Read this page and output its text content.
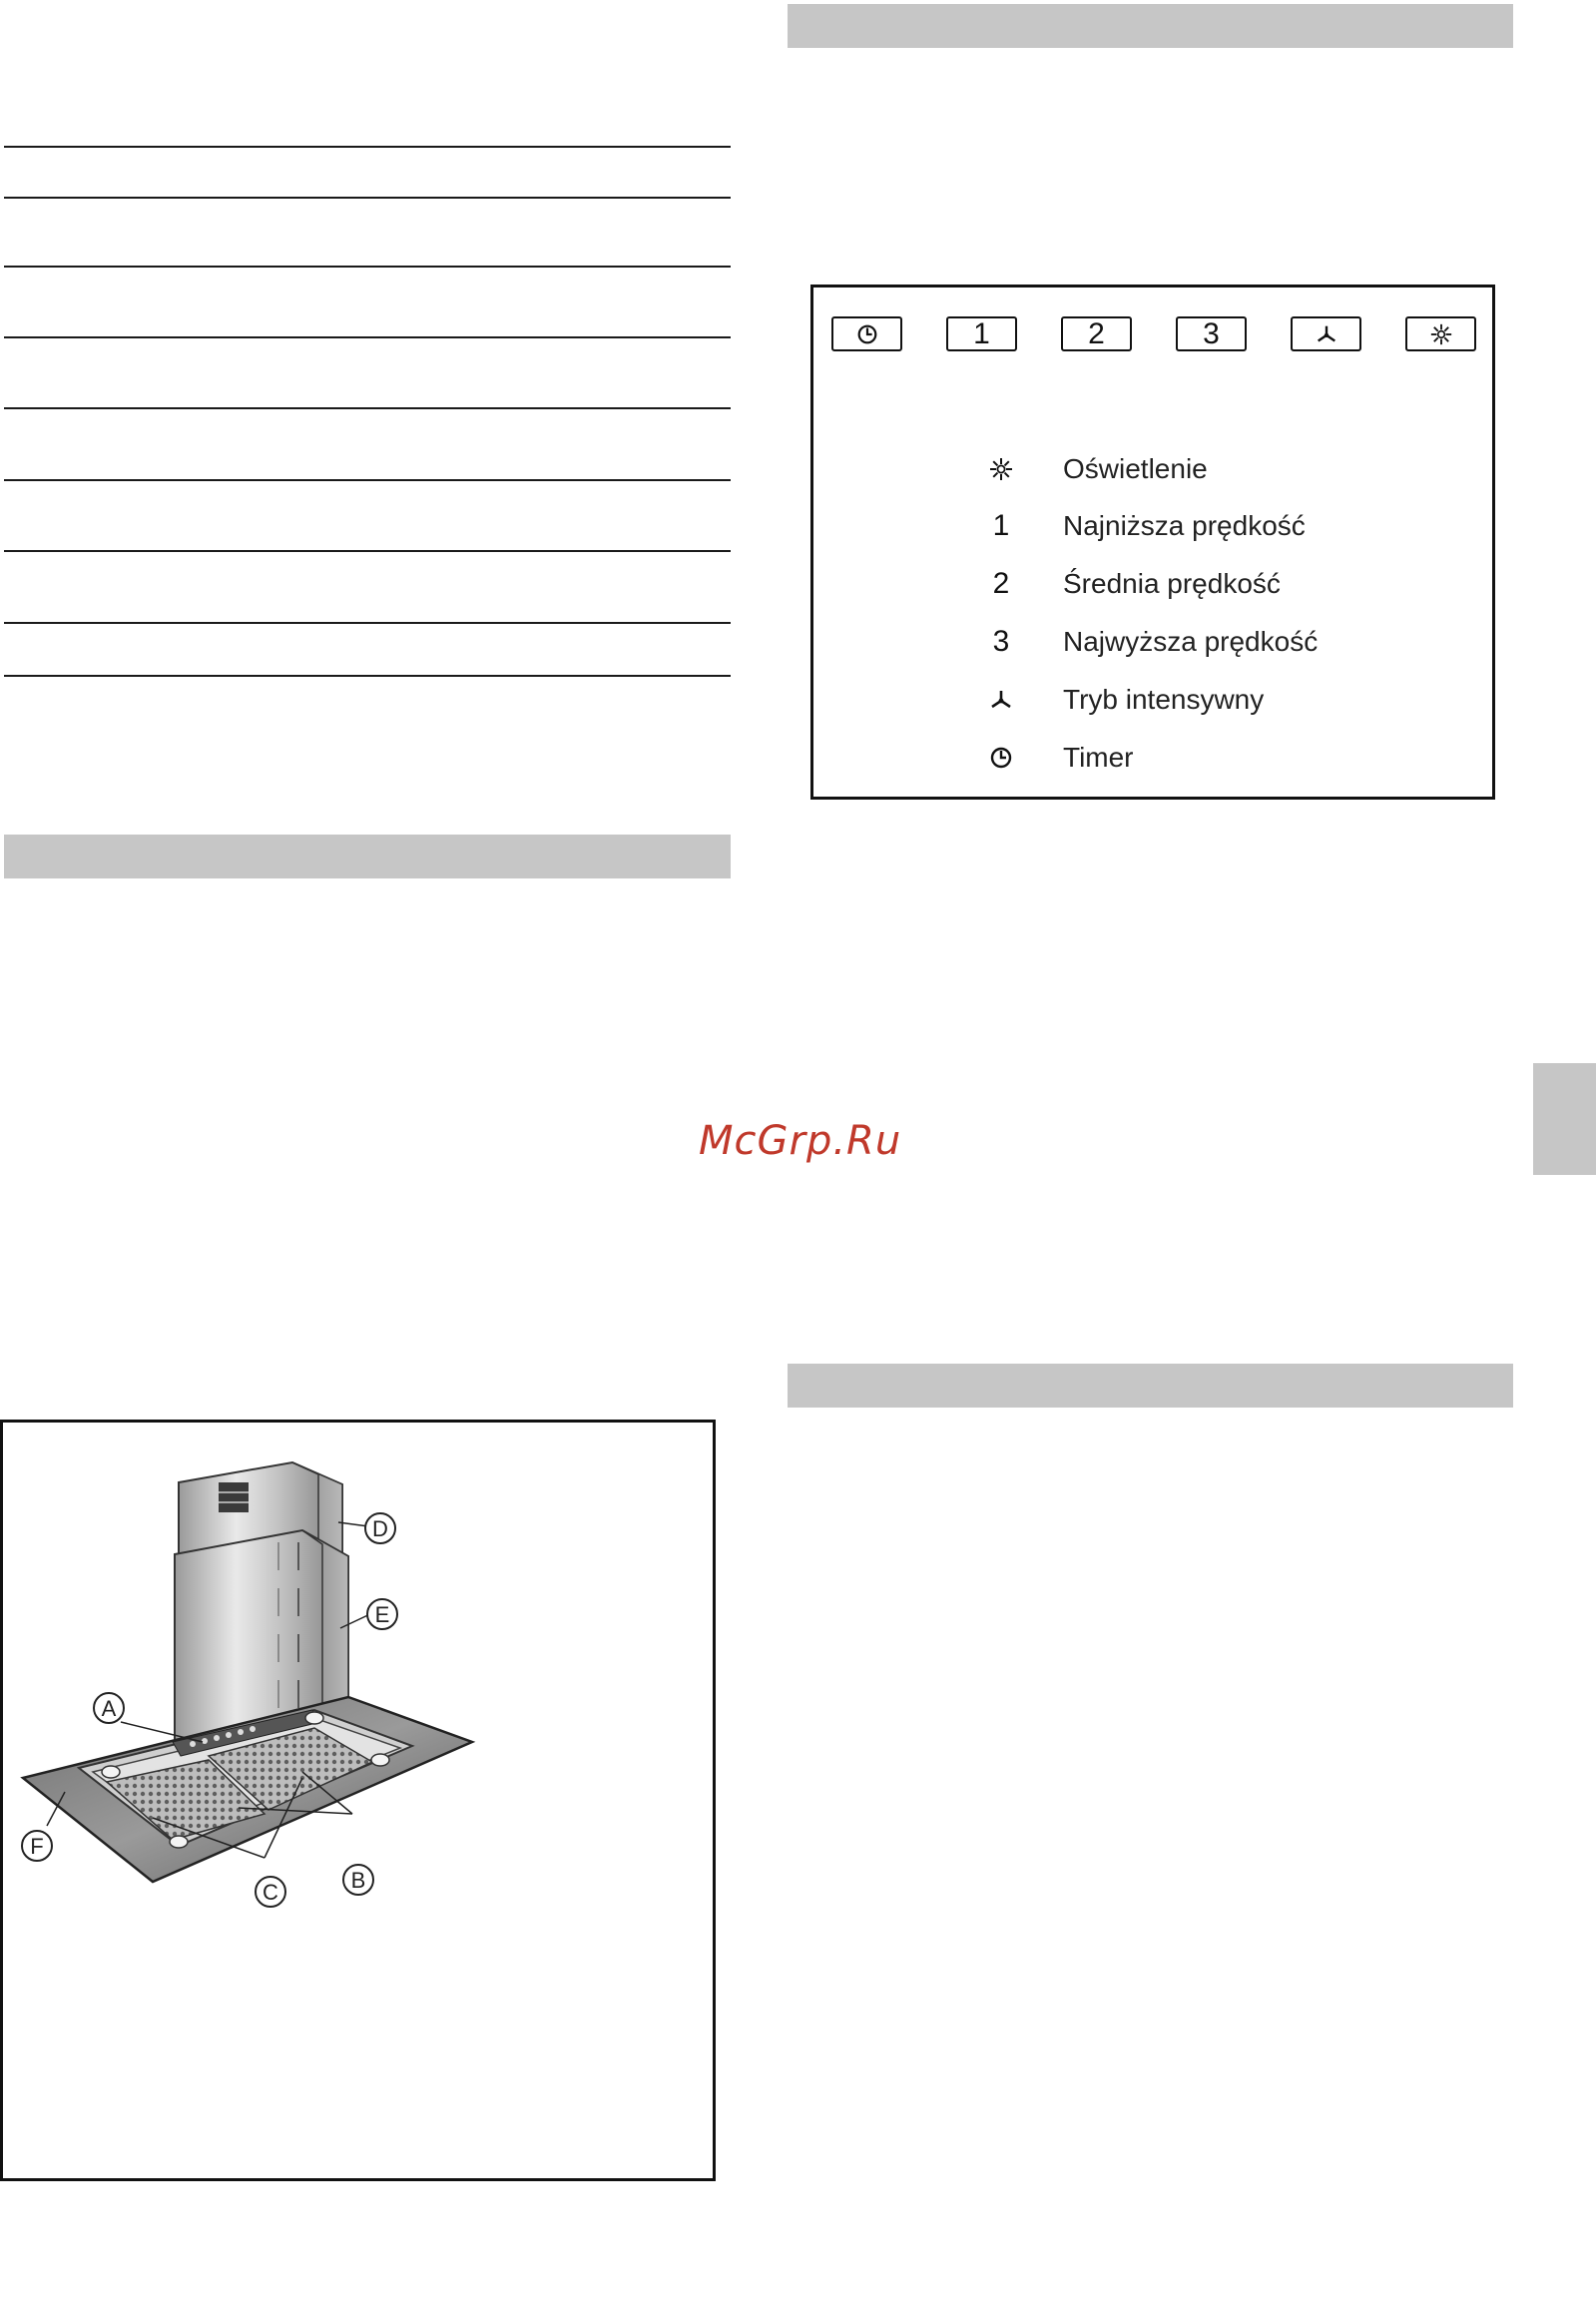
1	2	3
Oświetlenie
1	Najniższa prędkość
2	Średnia prędkość
3	Najwyższa prędkość
Tryb intensywny
Timer
McGrp.Ru
A
B
C
D
E
F
